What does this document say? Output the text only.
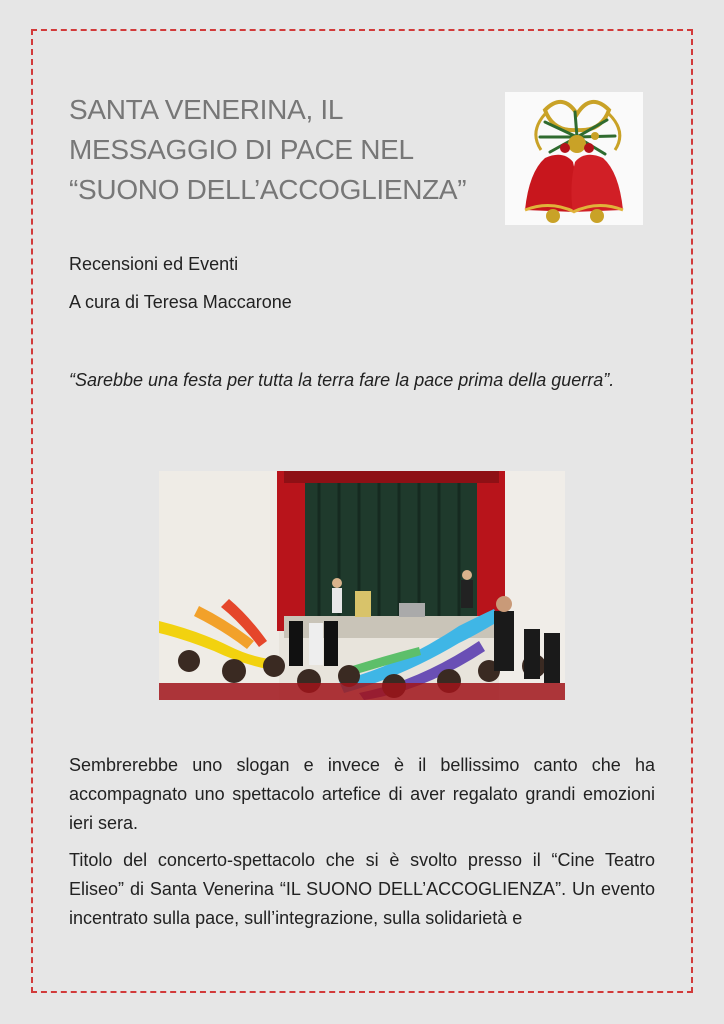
SANTA VENERINA, IL MESSAGGIO DI PACE NEL “SUONO DELL’ACCOGLIENZA”

Recensioni ed Eventi

A cura di Teresa Maccarone

“Sarebbe una festa per tutta la terra fare la pace prima della guerra”.

Sembrerebbe uno slogan e invece è il bellissimo canto che ha accompagnato uno spettacolo artefice di aver regalato grandi emozioni ieri sera.

Titolo del concerto-spettacolo che si è svolto presso il “Cine Teatro Eliseo” di Santa Venerina “IL SUONO DELL’ACCOGLIENZA”. Un evento incentrato sulla pace, sull’integrazione, sulla solidarietà e
